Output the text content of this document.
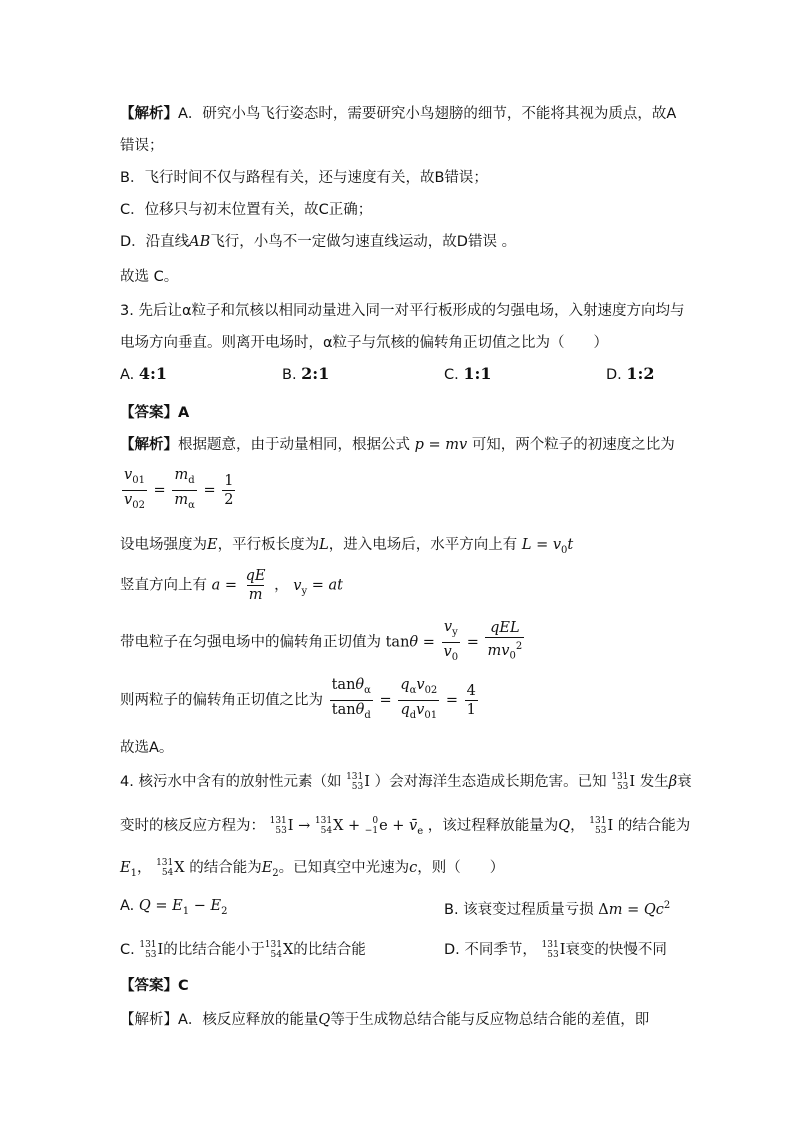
【解析】A．研究小鸟飞行姿态时，需要研究小鸟翅膀的细节，不能将其视为质点，故A
错误；
B．飞行时间不仅与路程有关，还与速度有关，故B错误；
C．位移只与初末位置有关，故C正确；
D．沿直线AB飞行，小鸟不一定做匀速直线运动，故D错误 。
故选 C。
3. 先后让α粒子和氘核以相同动量进入同一对平行板形成的匀强电场，入射速度方向均与
电场方向垂直。则离开电场时，α粒子与氘核的偏转角正切值之比为（　　）
A. 4:1	B. 2:1	C. 1:1	D. 1:2
【答案】A
【解析】根据题意，由于动量相同，根据公式 p = mv 可知，两个粒子的初速度之比为
$\frac{v_{01}}{v_{02}} = \frac{m_d}{m_\alpha} = \frac{1}{2}$
设电场强度为E，平行板长度为L，进入电场后，水平方向上有 $L = v_0t$
竖直方向上有 $a = \frac{qE}{m}$ ， $v_y$ = at
带电粒子在匀强电场中的偏转角正切值为 $\tan\theta = \frac{v_y}{v_0} = \frac{\text{qEL}}{mv_0^2}$
则两粒子的偏转角正切值之比为 $\frac{\tan\theta_\alpha}{\tan\theta_d} = \frac{q_\alpha v_{02}}{q_dv_{01}} = \frac{4}{1}$
故选A。
4. 核污水中含有的放射性元素（如 131
53 I ）会对海洋生态造成长期危害。已知 131
53 I 发生β衰
变时的核反应方程为： 131
53 I → 131
54 X + 0
−1 $e + v̄_e$ ，该过程释放能量为Q， 131
53 I 的结合能为
$E_1$， 131
54 X 的结合能为$E_2$。已知真空中光速为c，则（　　）
A. $Q = E_1 - E_2$	B. 该衰变过程质量亏损 $\Delta m = Qc^2$
C. 131
53 I的比结合能小于 131
54 X的比结合能	D. 不同季节， 131
53 I衰变的快慢不同
【答案】C
【解析】A．核反应释放的能量Q等于生成物总结合能与反应物总结合能的差值，即
